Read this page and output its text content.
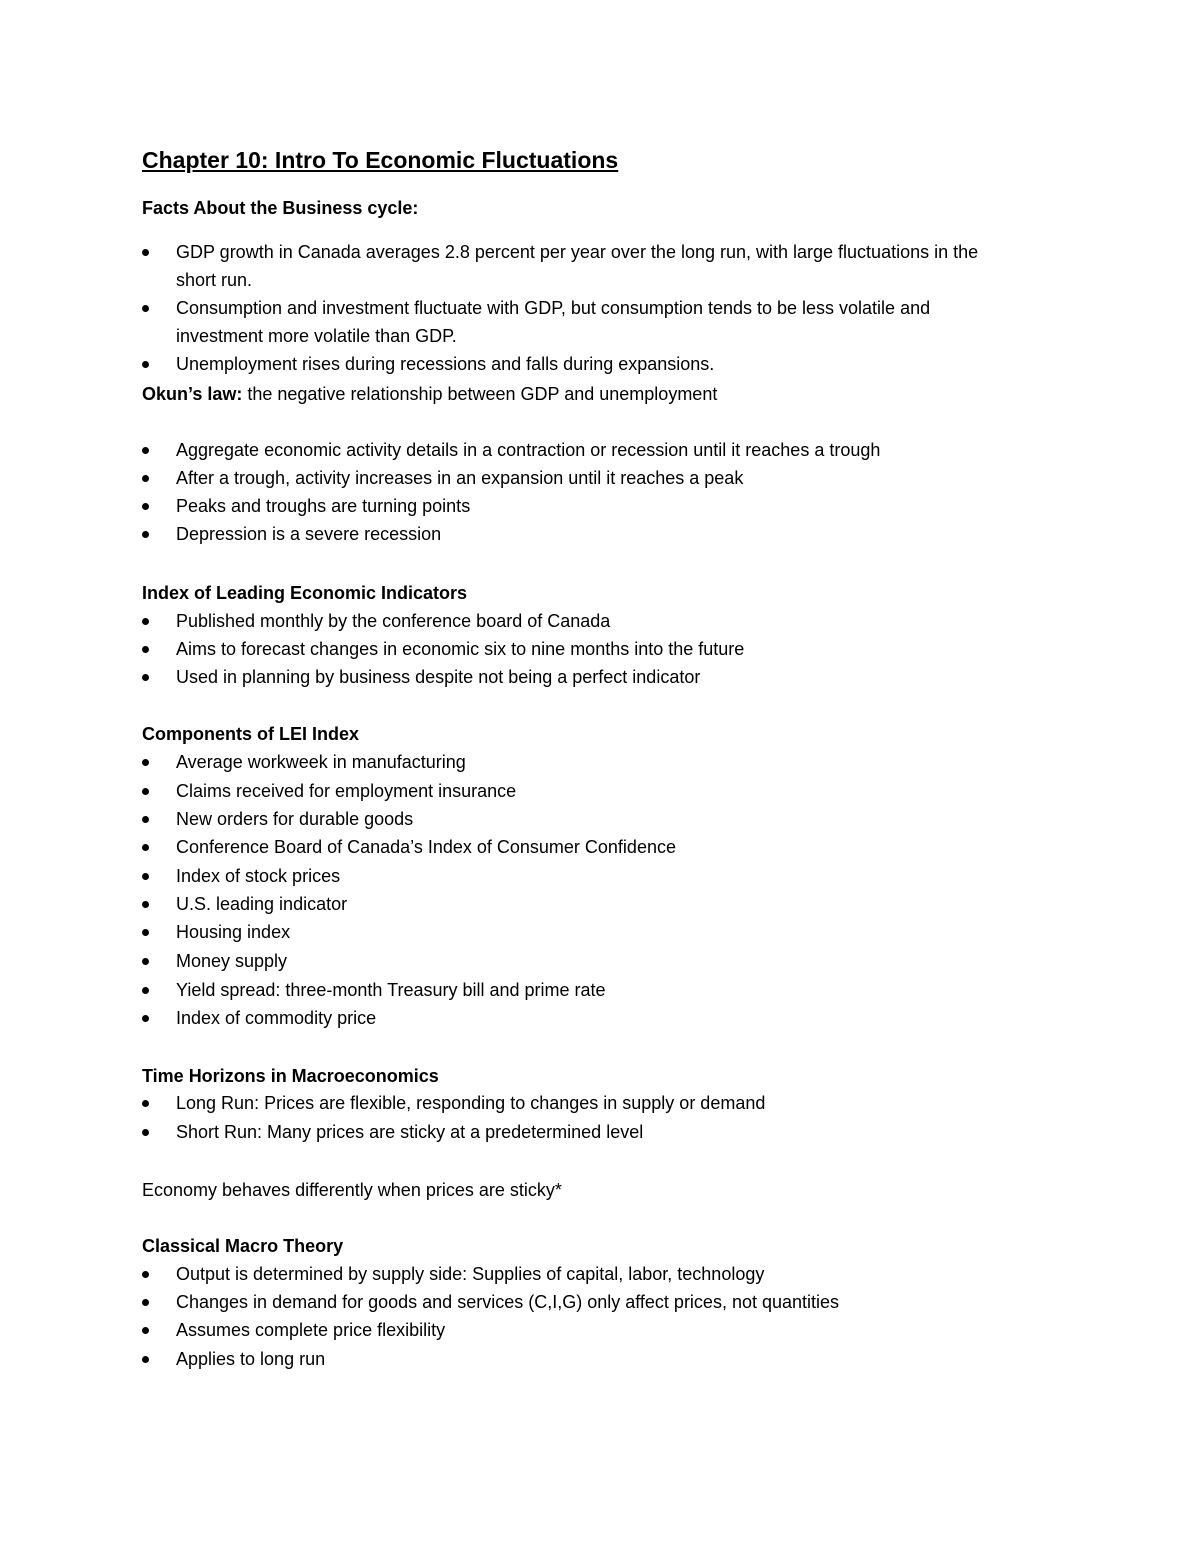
Chapter 10: Intro To Economic Fluctuations
Facts About the Business cycle:
GDP growth in Canada averages 2.8 percent per year over the long run, with large fluctuations in the
short run.
Consumption and investment fluctuate with GDP, but consumption tends to be less volatile and
investment more volatile than GDP.
Unemployment rises during recessions and falls during expansions.
Okun’s law: the negative relationship between GDP and unemployment
Aggregate economic activity details in a contraction or recession until it reaches a trough
After a trough, activity increases in an expansion until it reaches a peak
Peaks and troughs are turning points
Depression is a severe recession
Index of Leading Economic Indicators
Published monthly by the conference board of Canada
Aims to forecast changes in economic six to nine months into the future
Used in planning by business despite not being a perfect indicator
Components of LEI Index
Average workweek in manufacturing
Claims received for employment insurance
New orders for durable goods
Conference Board of Canada’s Index of Consumer Confidence
Index of stock prices
U.S. leading indicator
Housing index
Money supply
Yield spread: three-month Treasury bill and prime rate
Index of commodity price
Time Horizons in Macroeconomics
Long Run: Prices are flexible, responding to changes in supply or demand
Short Run: Many prices are sticky at a predetermined level
Economy behaves differently when prices are sticky*
Classical Macro Theory
Output is determined by supply side: Supplies of capital, labor, technology
Changes in demand for goods and services (C,I,G) only affect prices, not quantities
Assumes complete price flexibility
Applies to long run
